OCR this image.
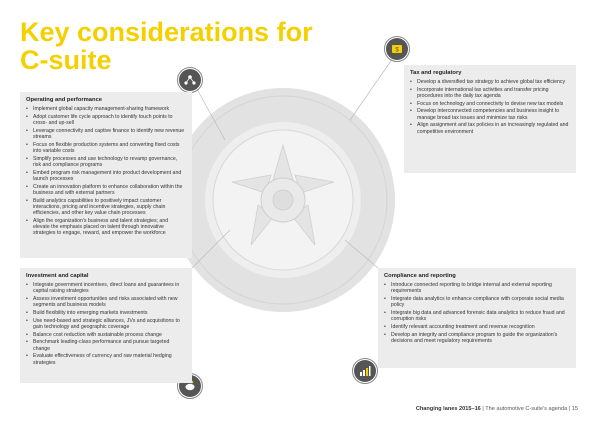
Key considerations for
C-suite	$
Operating and performance
• Implement global capacity management-sharing framework
• Adopt customer life cycle approach to identify touch points to cross- and up-sell
• Leverage connectivity and captive finance to identify new revenue streams
• Focus on flexible production systems and converting fixed costs into variable costs
• Simplify processes and use technology to revamp governance, risk and compliance programs
• Embed program risk management into product development and launch processes
• Create an innovation platform to enhance collaboration within the business and with external partners
• Build analytics capabilities to positively impact customer interactions, pricing and incentive strategies, supply chain efficiencies, and other key value chain processes
• Align the organization's business and talent strategies; and elevate the emphasis placed on talent through innovative strategies to engage, reward, and empower the workforce
Tax and regulatory
• Develop a diversified tax strategy to achieve global tax efficiency
• Incorporate international tax activities and transfer pricing procedures into the daily tax agenda
• Focus on technology and connectivity to devise new tax models
• Develop interconnected competencies and business insight to manage broad tax issues and minimize tax risks
• Align assignment and tax policies in an increasingly regulated and competitive environment
Investment and capital
• Integrate government incentives, direct loans and guarantees in capital raising strategies
• Assess investment opportunities and risks associated with new segments and business models
• Build flexibility into emerging markets investments
• Use need-based and strategic alliances, JVs and acquisitions to gain technology and geographic coverage
• Balance cost reduction with sustainable process change
• Benchmark leading-class performance and pursue targeted change
• Evaluate effectiveness of currency and raw material hedging strategies
Compliance and reporting
• Introduce connected reporting to bridge internal and external reporting requirements
• Integrate data analytics to enhance compliance with corporate social media policy
• Integrate big data and advanced forensic data analytics to reduce fraud and corruption risks
• Identify relevant accounting treatment and revenue recognition
• Develop an integrity and compliance program to guide the organization's decisions and meet regulatory requirements
Changing lanes 2015–16 | The automotive C-suite's agenda | 15
